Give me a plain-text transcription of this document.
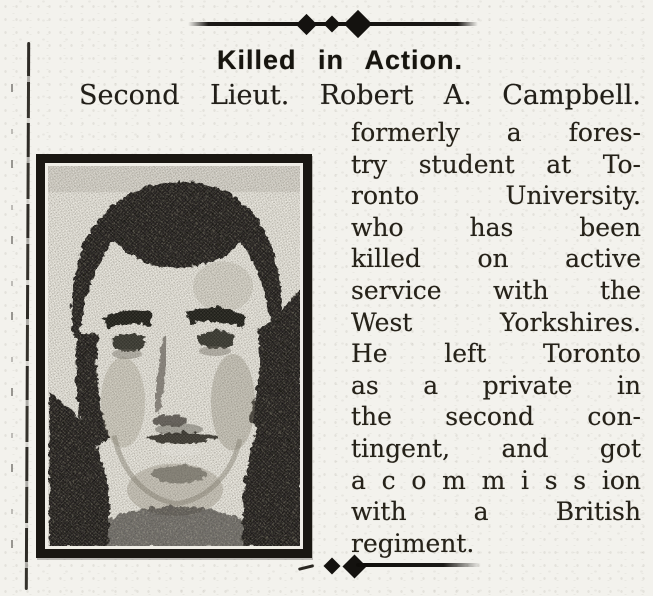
Killed in Action.
Second Lieut. Robert A. Campbell.
formerly a fores-
try student at To-
ronto University.
who has been
killed on active
service with the
West Yorkshires.
He left Toronto
as a private in
the second con-
tingent, and got
a c o m m i s s ion
with a British
regiment.
